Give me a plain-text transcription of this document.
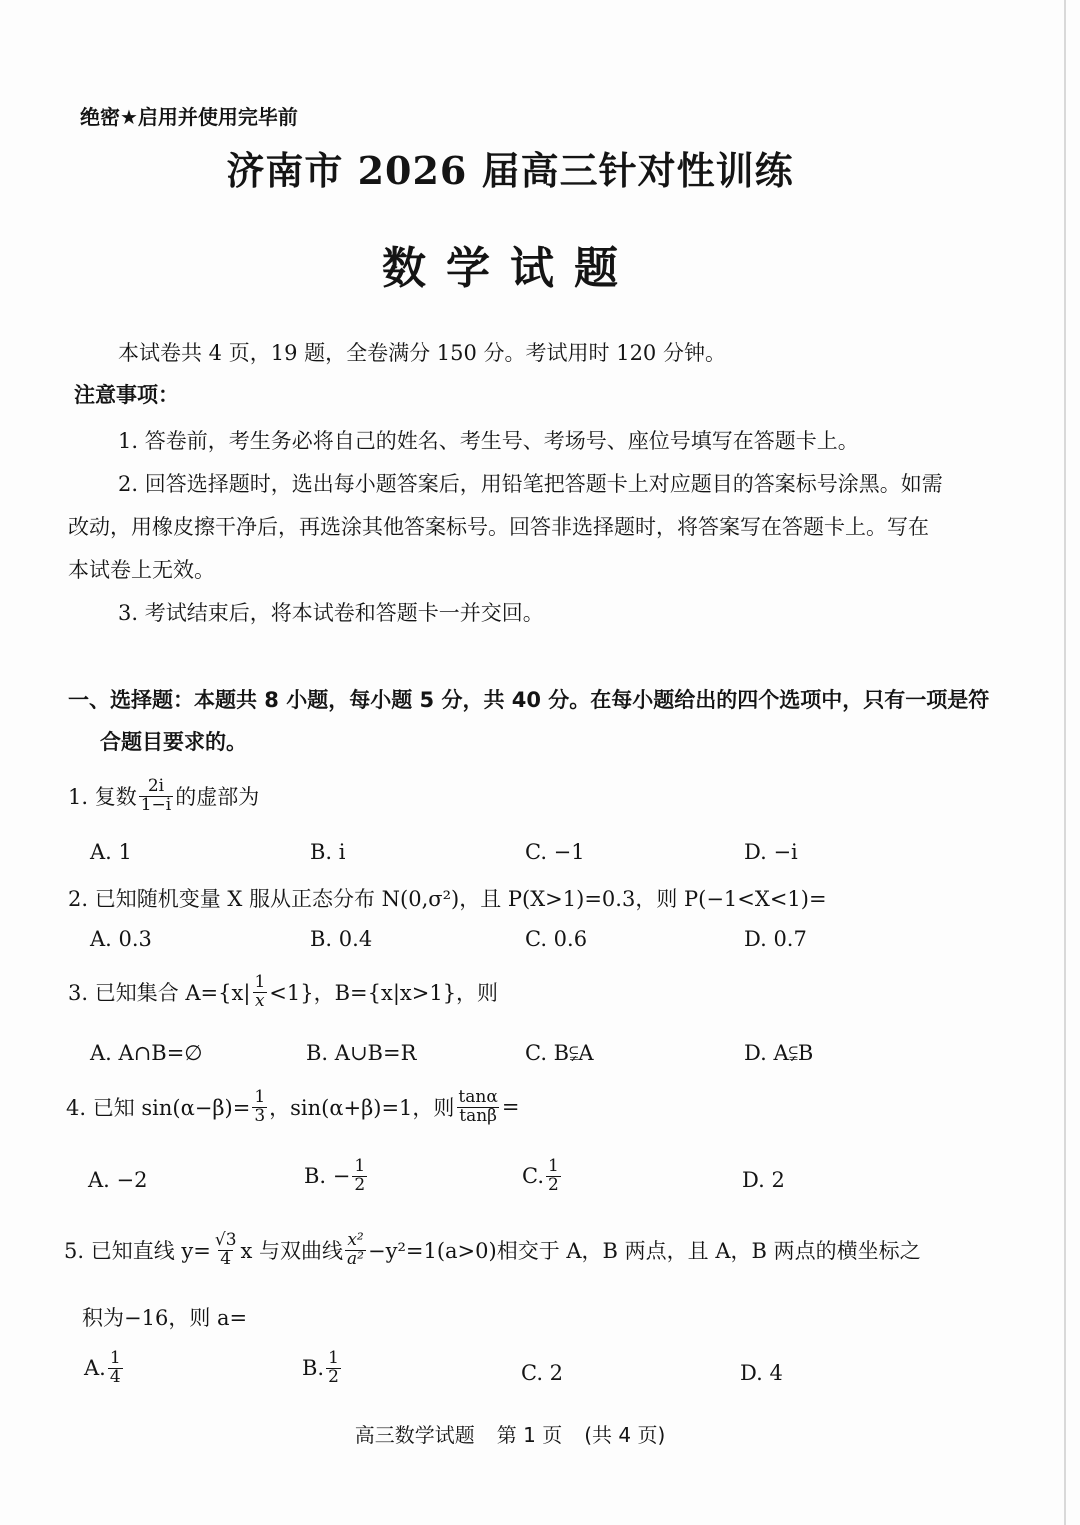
绝密★启用并使用完毕前
济南市 2026 届高三针对性训练
数学试题
本试卷共 4 页，19 题，全卷满分 150 分。考试用时 120 分钟。
注意事项：
1. 答卷前，考生务必将自己的姓名、考生号、考场号、座位号填写在答题卡上。
2. 回答选择题时，选出每小题答案后，用铅笔把答题卡上对应题目的答案标号涂黑。如需
改动，用橡皮擦干净后，再选涂其他答案标号。回答非选择题时，将答案写在答题卡上。写在
本试卷上无效。
3. 考试结束后，将本试卷和答题卡一并交回。
一、选择题：本题共 8 小题，每小题 5 分，共 40 分。在每小题给出的四个选项中，只有一项是符
合题目要求的。
1. 复数 $\frac{2i}{1-i}$ 的虚部为
A. 1	B. i	C. −1	D. −i
2. 已知随机变量 X 服从正态分布 N(0,σ²)，且 P(X>1)=0.3，则 P(−1<X<1)=
A. 0.3	B. 0.4	C. 0.6	D. 0.7
3. 已知集合 $A=\{x| \frac{1}{x} <1\}$，B={x|x>1}，则
A. A∩B=∅	B. A∪B=R	C. B⫋A	D. A⫋B
4. 已知 $\sin(\alpha-\beta)= \frac{1}{3}$ ，sin(α+β)=1，则 $\frac{\tan\alpha}{\tan\beta}$ =
A. −2	B. − $\frac{1}{2}$	C. $\frac{1}{2}$	D. 2
5. 已知直线 $y= \frac{√3}{4}$ x 与双曲线 $\frac{\text{x²}}{\text{a²}} -y^2=1(a>0)$相交于 A，B 两点，且 A，B 两点的横坐标之
积为−16，则 a=
A. $\frac{1}{4}$	B. $\frac{1}{2}$	C. 2	D. 4
高三数学试题 第 1 页 (共 4 页)
